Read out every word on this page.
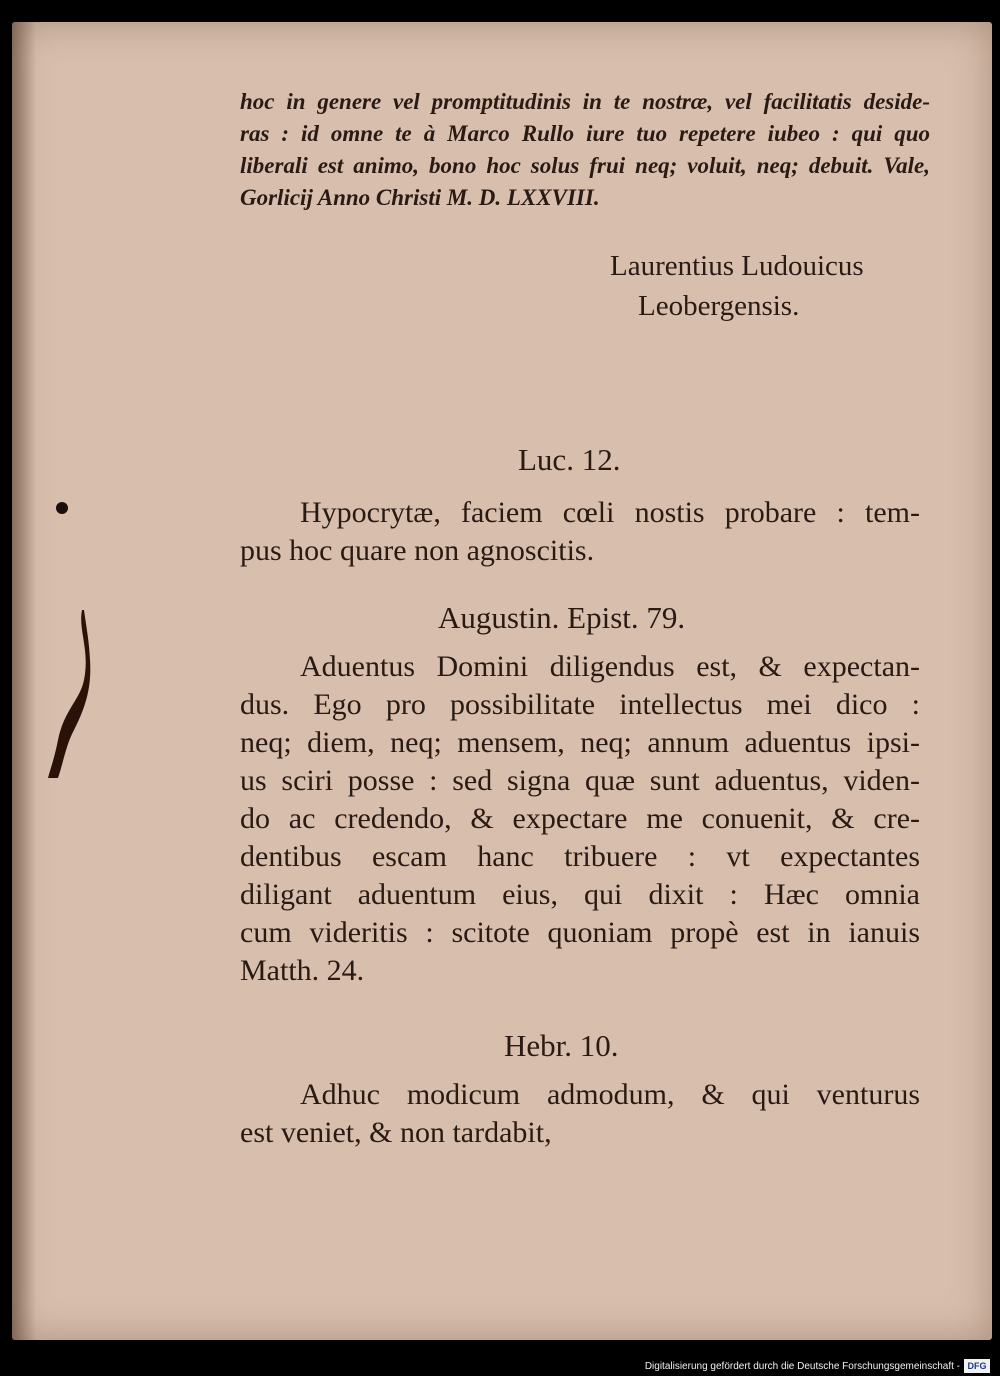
hoc in genere vel promptitudinis in te nostræ, vel facilitatis deside-
ras : id omne te à Marco Rullo iure tuo repetere iubeo : qui quo
liberali est animo, bono hoc solus frui neq; voluit, neq; debuit. Vale,
Gorlicij Anno Christi M. D. LXXVIII.
Laurentius Ludouicus
Leobergensis.
Luc. 12.
Hypocrytæ, faciem cœli nostis probare : tem-
pus hoc quare non agnoscitis.
Augustin. Epist. 79.
Aduentus Domini diligendus est, & expectan-
dus. Ego pro possibilitate intellectus mei dico :
neq; diem, neq; mensem, neq; annum aduentus ipsi-
us sciri posse : sed signa quæ sunt aduentus, viden-
do ac credendo, & expectare me conuenit, & cre-
dentibus escam hanc tribuere : vt expectantes
diligant aduentum eius, qui dixit : Hæc omnia
cum videritis : scitote quoniam propè est in ianuis
Matth. 24.
Hebr. 10.
Adhuc modicum admodum, & qui venturus
est veniet, & non tardabit,
Digitalisierung gefördert durch die Deutsche Forschungsgemeinschaft - DFG
